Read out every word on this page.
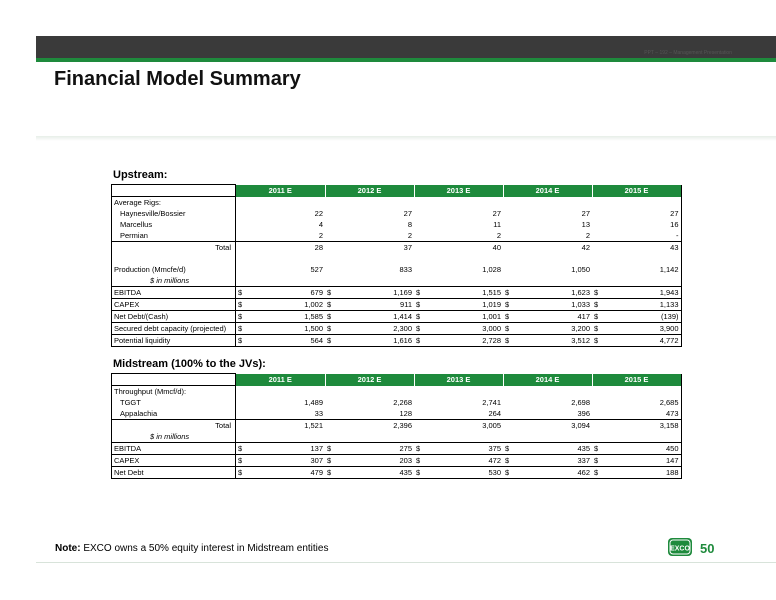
PPT – 192 – Management Presentation
Financial Model Summary
Upstream:
	2011 E		2012 E		2013 E		2014 E		2015 E	
Average Rigs:										
Haynesville/Bossier		22		27		27		27		27
Marcellus		4		8		11		13		16
Permian		2		2		2		2		-
Total		28		37		40		42		43

Production (Mmcfe/d)		527		833		1,028		1,050		1,142
$ in millions										
EBITDA	$	679	$	1,169	$	1,515	$	1,623	$	1,943
CAPEX	$	1,002	$	911	$	1,019	$	1,033	$	1,133
Net Debt/(Cash)	$	1,585	$	1,414	$	1,001	$	417	$	(139)
Secured debt capacity (projected)	$	1,500	$	2,300	$	3,000	$	3,200	$	3,900
Potential liquidity	$	564	$	1,616	$	2,728	$	3,512	$	4,772
Midstream (100% to the JVs):
	2011 E		2012 E		2013 E		2014 E		2015 E	
Throughput (Mmcf/d):										
TGGT		1,489		2,268		2,741		2,698		2,685
Appalachia		33		128		264		396		473
Total		1,521		2,396		3,005		3,094		3,158
$ in millions										
EBITDA	$	137	$	275	$	375	$	435	$	450
CAPEX	$	307	$	203	$	472	$	337	$	147
Net Debt	$	479	$	435	$	530	$	462	$	188
Note: EXCO owns a 50% equity interest in Midstream entities	EXCO 50
